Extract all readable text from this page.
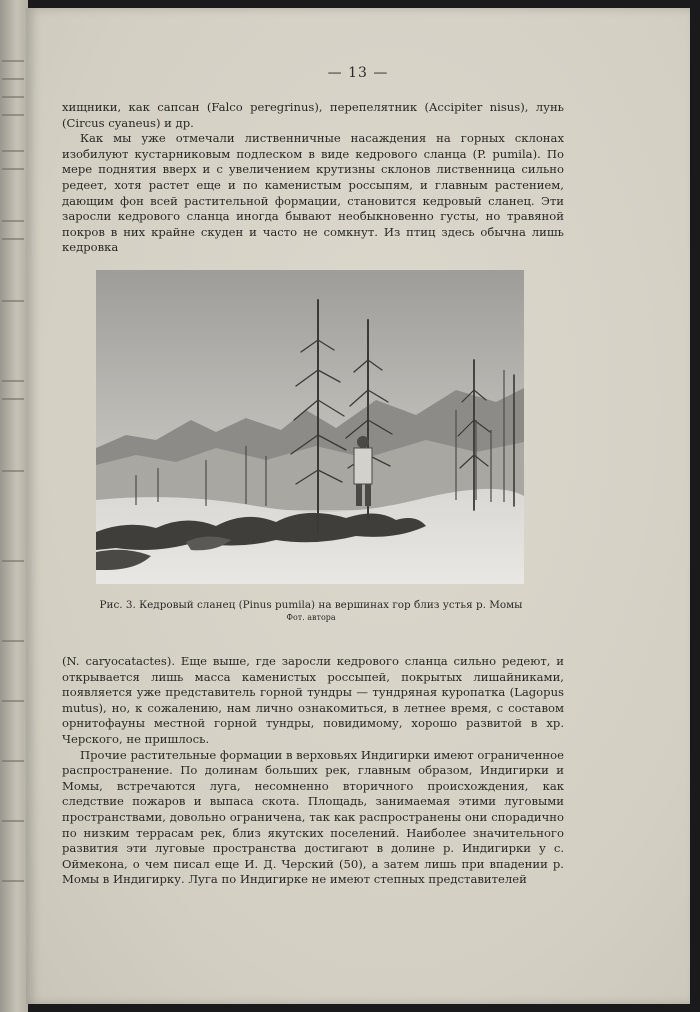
— 13 —

хищники, как сапсан (Falco peregrinus), перепелятник (Accipiter nisus), лунь (Circus cyaneus) и др.

Как мы уже отмечали лиственничные насаждения на горных склонах изобилуют кустарниковым подлеском в виде кедрового сланца (P. pumila). По мере поднятия вверх и с увеличением крутизны склонов лиственница сильно редеет, хотя растет еще и по каменистым россыпям, и главным растением, дающим фон всей растительной формации, становится кедровый сланец. Эти заросли кедрового сланца иногда бывают необыкновенно густы, но травяной покров в них крайне скуден и часто не сомкнут. Из птиц здесь обычна лишь кедровка

Рис. 3. Кедровый сланец (Pinus pumila) на вершинах гор близ устья р. Момы
Фот. автора

(N. caryocatactes). Еще выше, где заросли кедрового сланца сильно редеют, и открывается лишь масса каменистых россыпей, покрытых лишайниками, появляется уже представитель горной тундры — тундряная куропатка (Lagopus mutus), но, к сожалению, нам лично ознакомиться, в летнее время, с составом орнитофауны местной горной тундры, повидимому, хорошо развитой в хр. Черского, не пришлось.

Прочие растительные формации в верховьях Индигирки имеют ограниченное распространение. По долинам больших рек, главным образом, Индигирки и Момы, встречаются луга, несомненно вторичного происхождения, как следствие пожаров и выпаса скота. Площадь, занимаемая этими луговыми пространствами, довольно ограничена, так как распространены они спорадично по низким террасам рек, близ якутских поселений. Наиболее значительного развития эти луговые пространства достигают в долине р. Индигирки у с. Оймекона, о чем писал еще И. Д. Черский (50), а затем лишь при впадении р. Момы в Индигирку. Луга по Индигирке не имеют степных представителей
